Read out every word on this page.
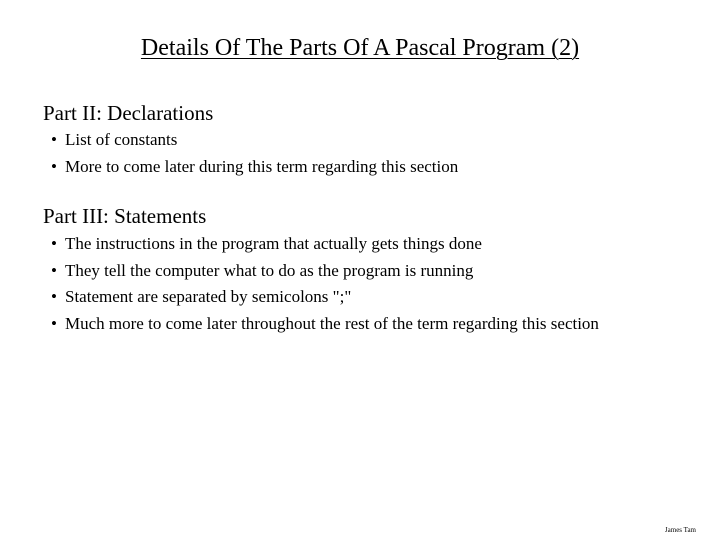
Details Of The Parts Of A Pascal Program (2)
Part II: Declarations
• List of constants
• More to come later during this term regarding this section
Part III: Statements
• The instructions in the program that actually gets things done
• They tell the computer what to do as the program is running
• Statement are separated by semicolons ";"
• Much more to come later throughout the rest of the term regarding this section
James Tam
